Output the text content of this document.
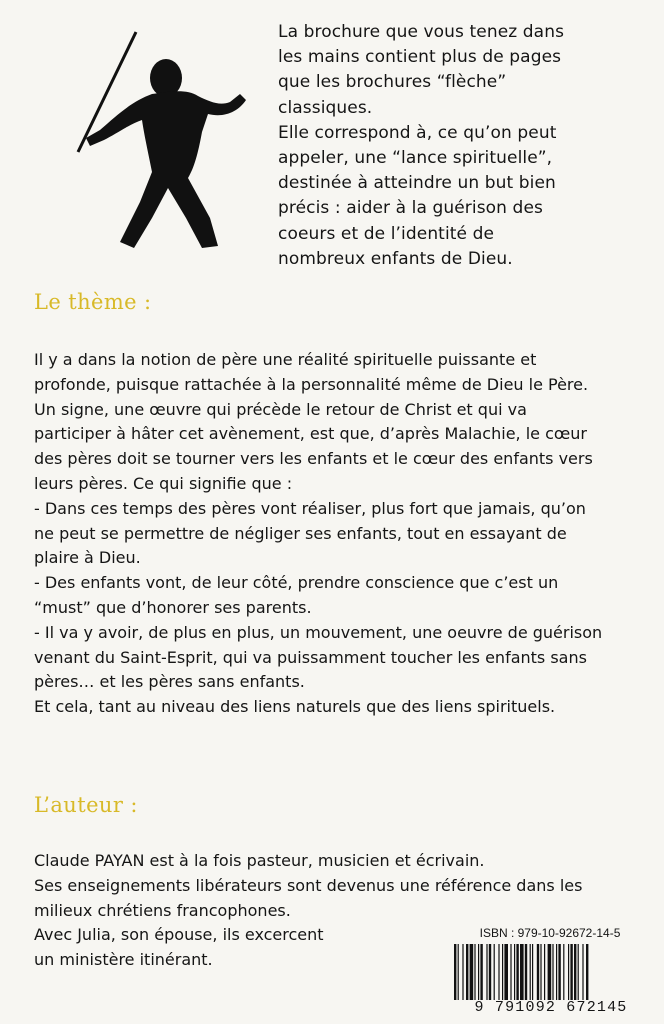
La brochure que vous tenez dans

les mains contient plus de pages

que les brochures “flèche”

classiques.

Elle correspond à, ce qu’on peut

appeler, une “lance spirituelle”,

destinée à atteindre un but bien

précis : aider à la guérison des

coeurs et de l’identité de

nombreux enfants de Dieu.

Le thème :

Il y a dans la notion de père une réalité spirituelle puissante et

profonde, puisque rattachée à la personnalité même de Dieu le Père.

Un signe, une œuvre qui précède le retour de Christ et qui va

participer à hâter cet avènement, est que, d’après Malachie, le cœur

des pères doit se tourner vers les enfants et le cœur des enfants vers

leurs pères. Ce qui signifie que :

- Dans ces temps des pères vont réaliser, plus fort que jamais, qu’on

ne peut se permettre de négliger ses enfants, tout en essayant de

plaire à Dieu.

- Des enfants vont, de leur côté, prendre conscience que c’est un

“must” que d’honorer ses parents.

- Il va y avoir, de plus en plus, un mouvement, une oeuvre de guérison

venant du Saint-Esprit, qui va puissamment toucher les enfants sans

pères… et les pères sans enfants.

Et cela, tant au niveau des liens naturels que des liens spirituels.

L’auteur :

Claude PAYAN est à la fois pasteur, musicien et écrivain.

Ses enseignements libérateurs sont devenus une référence dans les

milieux chrétiens francophones.

Avec Julia, son épouse, ils excercent

un ministère itinérant.

ISBN : 979-10-92672-14-5
9 791092 672145
